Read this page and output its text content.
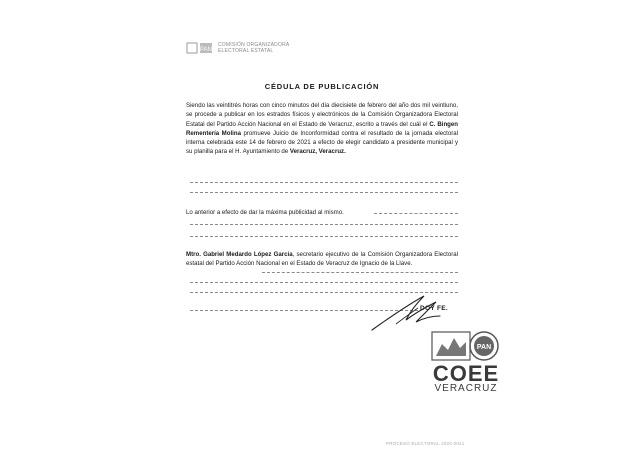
PAN
COMISIÓN ORGANIZADORA
ELECTORAL ESTATAL
CÉDULA DE PUBLICACIÓN
Siendo las veintitrés horas con cinco minutos del día diecisiete de febrero del año dos mil veintiuno, se procede a publicar en los estrados físicos y electrónicos de la Comisión Organizadora Electoral Estatal del Partido Acción Nacional en el Estado de Veracruz, escrito a través del cuál el C. Bingen Rementería Molina promueve Juicio de Inconformidad contra el resultado de la jornada electoral interna celebrada este 14 de febrero de 2021 a efecto de elegir candidato a presidente municipal y su planilla para el H. Ayuntamiento de Veracruz, Veracruz.
Lo anterior a efecto de dar la máxima publicidad al mismo.
Mtro. Gabriel Medardo López García, secretario ejecutivo de la Comisión Organizadora Electoral estatal del Partido Acción Nacional en el Estado de Veracruz de Ignacio de la Llave.
DOY FE.
PAN
COEE
VERACRUZ
PROCESO ELECTORAL 2020-2021
